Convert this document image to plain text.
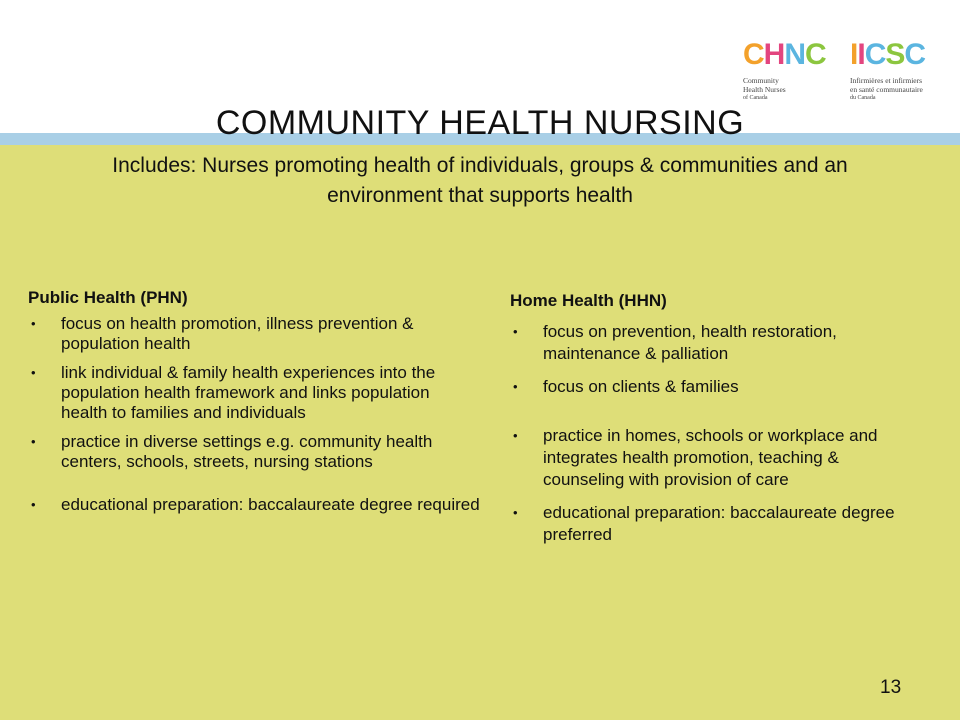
CHNC
Community
Health Nurses
of Canada
IICSC
Infirmières et infirmiers
en santé communautaire
du Canada
COMMUNITY HEALTH NURSING
Includes: Nurses promoting health of individuals, groups & communities and an environment that supports health
Public Health (PHN)
• focus on health promotion, illness prevention & population health
• link individual & family health experiences into the population health framework and links population health to families and individuals
• practice in diverse settings e.g. community health centers, schools, streets, nursing stations
• educational preparation: baccalaureate degree required
Home Health (HHN)
• focus on prevention, health restoration, maintenance & palliation
• focus on clients & families
• practice in homes, schools or workplace and integrates health promotion, teaching & counseling with provision of care
• educational preparation: baccalaureate degree preferred
13
